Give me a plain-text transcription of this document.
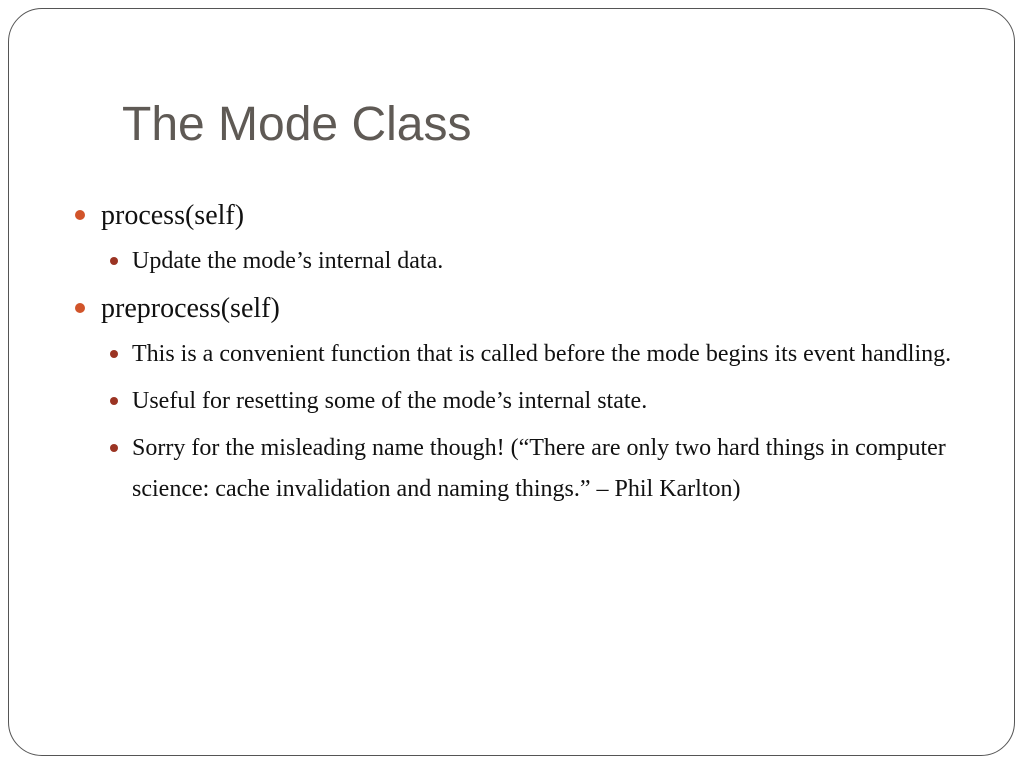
The Mode Class
process(self)
Update the mode’s internal data.
preprocess(self)
This is a convenient function that is called before the mode begins its event handling.
Useful for resetting some of the mode’s internal state.
Sorry for the misleading name though! (“There are only two hard things in computer science: cache invalidation and naming things.” – Phil Karlton)
